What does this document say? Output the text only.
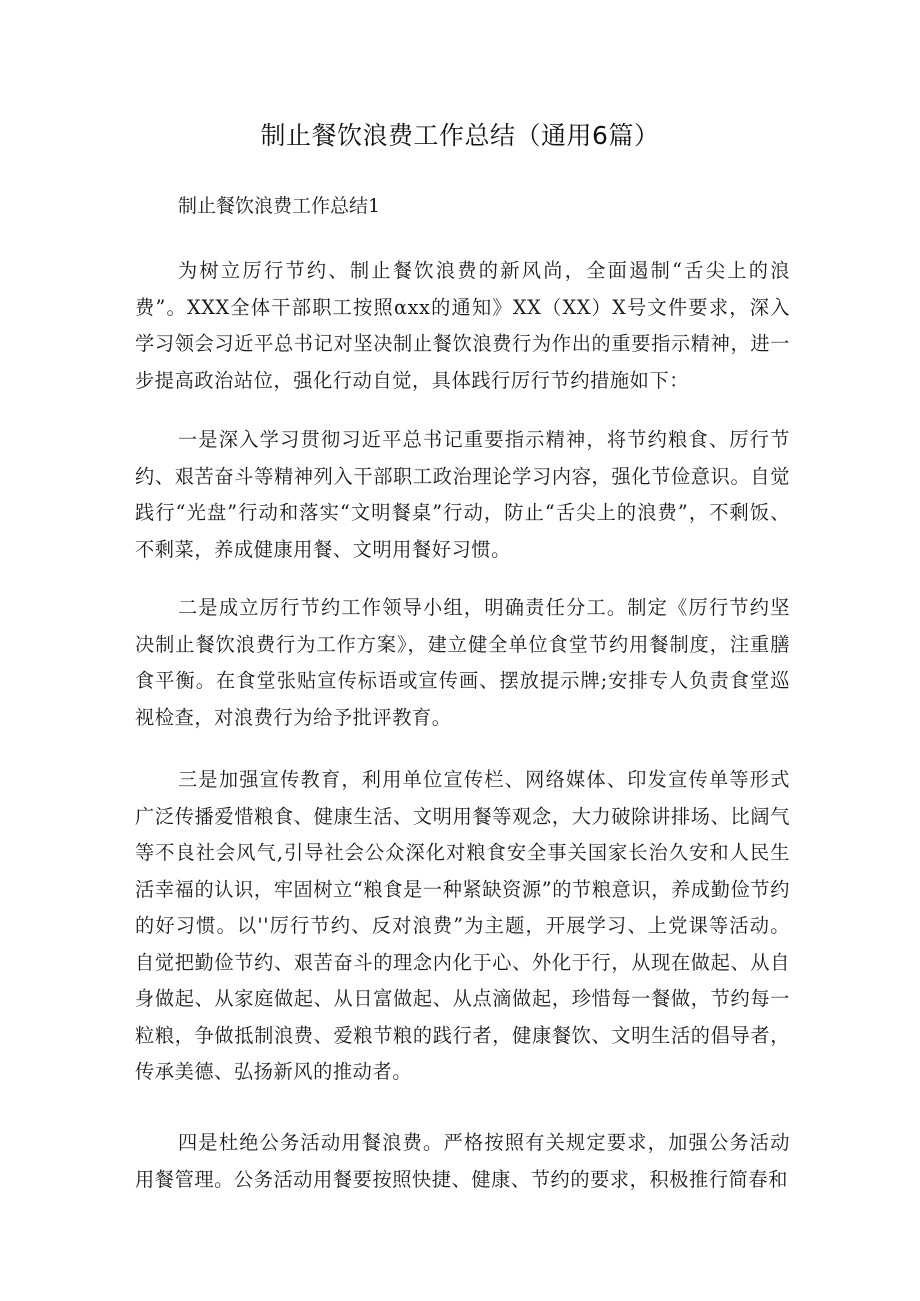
制止餐饮浪费工作总结（通用6篇）

制止餐饮浪费工作总结1

为树立厉行节约、制止餐饮浪费的新风尚，全面遏制“舌尖上的浪费”。XXX全体干部职工按照αxx的通知》XX（XX）X号文件要求，深入学习领会习近平总书记对坚决制止餐饮浪费行为作出的重要指示精神，进一步提高政治站位，强化行动自觉，具体践行厉行节约措施如下：

一是深入学习贯彻习近平总书记重要指示精神，将节约粮食、厉行节约、艰苦奋斗等精神列入干部职工政治理论学习内容，强化节俭意识。自觉践行“光盘”行动和落实“文明餐桌”行动，防止“舌尖上的浪费”，不剩饭、不剩菜，养成健康用餐、文明用餐好习惯。

二是成立厉行节约工作领导小组，明确责任分工。制定《厉行节约坚决制止餐饮浪费行为工作方案》，建立健全单位食堂节约用餐制度，注重膳食平衡。在食堂张贴宣传标语或宣传画、摆放提示牌;安排专人负责食堂巡视检查，对浪费行为给予批评教育。

三是加强宣传教育，利用单位宣传栏、网络媒体、印发宣传单等形式广泛传播爱惜粮食、健康生活、文明用餐等观念，大力破除讲排场、比阔气等不良社会风气,引导社会公众深化对粮食安全事关国家长治久安和人民生活幸福的认识，牢固树立“粮食是一种紧缺资源”的节粮意识，养成勤俭节约的好习惯。以''厉行节约、反对浪费”为主题，开展学习、上党课等活动。自觉把勤俭节约、艰苦奋斗的理念内化于心、外化于行，从现在做起、从自身做起、从家庭做起、从日富做起、从点滴做起，珍惜每一餐做，节约每一粒粮，争做抵制浪费、爱粮节粮的践行者，健康餐饮、文明生活的倡导者，传承美德、弘扬新风的推动者。

四是杜绝公务活动用餐浪费。严格按照有关规定要求，加强公务活动用餐管理。公务活动用餐要按照快捷、健康、节约的要求，积极推行简春和
